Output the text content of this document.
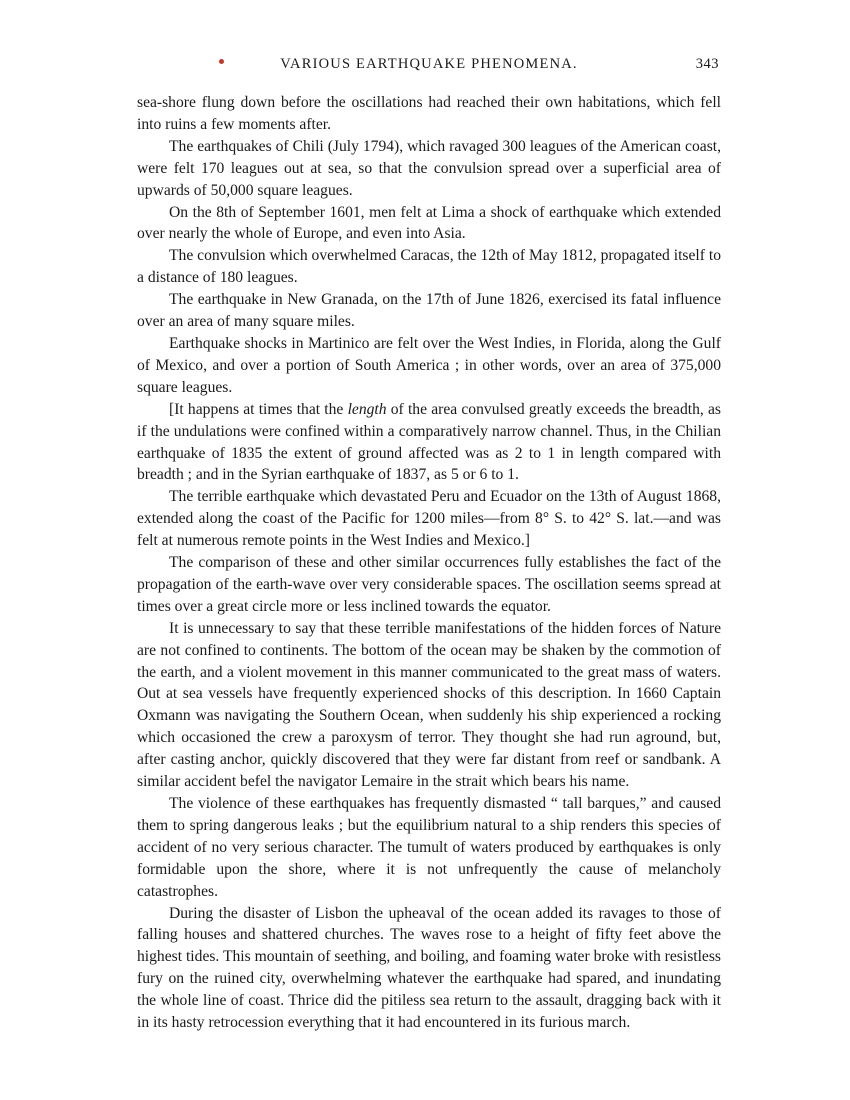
VARIOUS EARTHQUAKE PHENOMENA.	343

sea-shore flung down before the oscillations had reached their own habitations, which fell into ruins a few moments after.

The earthquakes of Chili (July 1794), which ravaged 300 leagues of the American coast, were felt 170 leagues out at sea, so that the convulsion spread over a superficial area of upwards of 50,000 square leagues.

On the 8th of September 1601, men felt at Lima a shock of earthquake which extended over nearly the whole of Europe, and even into Asia.

The convulsion which overwhelmed Caracas, the 12th of May 1812, propagated itself to a distance of 180 leagues.

The earthquake in New Granada, on the 17th of June 1826, exercised its fatal influence over an area of many square miles.

Earthquake shocks in Martinico are felt over the West Indies, in Florida, along the Gulf of Mexico, and over a portion of South America ; in other words, over an area of 375,000 square leagues.

[It happens at times that the length of the area convulsed greatly exceeds the breadth, as if the undulations were confined within a comparatively narrow channel. Thus, in the Chilian earthquake of 1835 the extent of ground affected was as 2 to 1 in length compared with breadth ; and in the Syrian earthquake of 1837, as 5 or 6 to 1.

The terrible earthquake which devastated Peru and Ecuador on the 13th of August 1868, extended along the coast of the Pacific for 1200 miles—from 8° S. to 42° S. lat.—and was felt at numerous remote points in the West Indies and Mexico.]

The comparison of these and other similar occurrences fully establishes the fact of the propagation of the earth-wave over very considerable spaces. The oscillation seems spread at times over a great circle more or less inclined towards the equator.

It is unnecessary to say that these terrible manifestations of the hidden forces of Nature are not confined to continents. The bottom of the ocean may be shaken by the commotion of the earth, and a violent movement in this manner communicated to the great mass of waters. Out at sea vessels have frequently experienced shocks of this description. In 1660 Captain Oxmann was navigating the Southern Ocean, when suddenly his ship experienced a rocking which occasioned the crew a paroxysm of terror. They thought she had run aground, but, after casting anchor, quickly discovered that they were far distant from reef or sandbank. A similar accident befel the navigator Lemaire in the strait which bears his name.

The violence of these earthquakes has frequently dismasted “ tall barques,” and caused them to spring dangerous leaks ; but the equilibrium natural to a ship renders this species of accident of no very serious character. The tumult of waters produced by earthquakes is only formidable upon the shore, where it is not unfrequently the cause of melancholy catastrophes.

During the disaster of Lisbon the upheaval of the ocean added its ravages to those of falling houses and shattered churches. The waves rose to a height of fifty feet above the highest tides. This mountain of seething, and boiling, and foaming water broke with resistless fury on the ruined city, overwhelming whatever the earthquake had spared, and inundating the whole line of coast. Thrice did the pitiless sea return to the assault, dragging back with it in its hasty retrocession everything that it had encountered in its furious march.
